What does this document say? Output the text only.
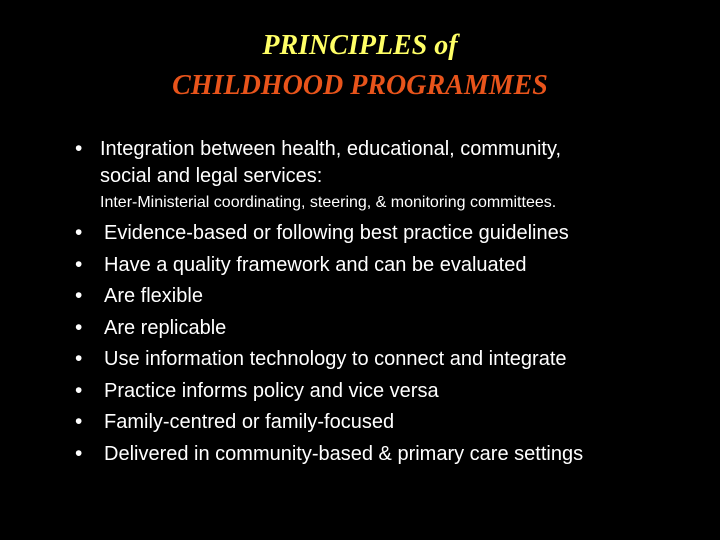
PRINCIPLES of
CHILDHOOD PROGRAMMES
• Integration between health, educational, community,
social and legal services:
Inter-Ministerial coordinating, steering, & monitoring committees.
• Evidence-based or following best practice guidelines
• Have a quality framework and can be evaluated
• Are flexible
• Are replicable
• Use information technology to connect and integrate
• Practice informs policy and vice versa
• Family-centred or family-focused
• Delivered in community-based & primary care settings
